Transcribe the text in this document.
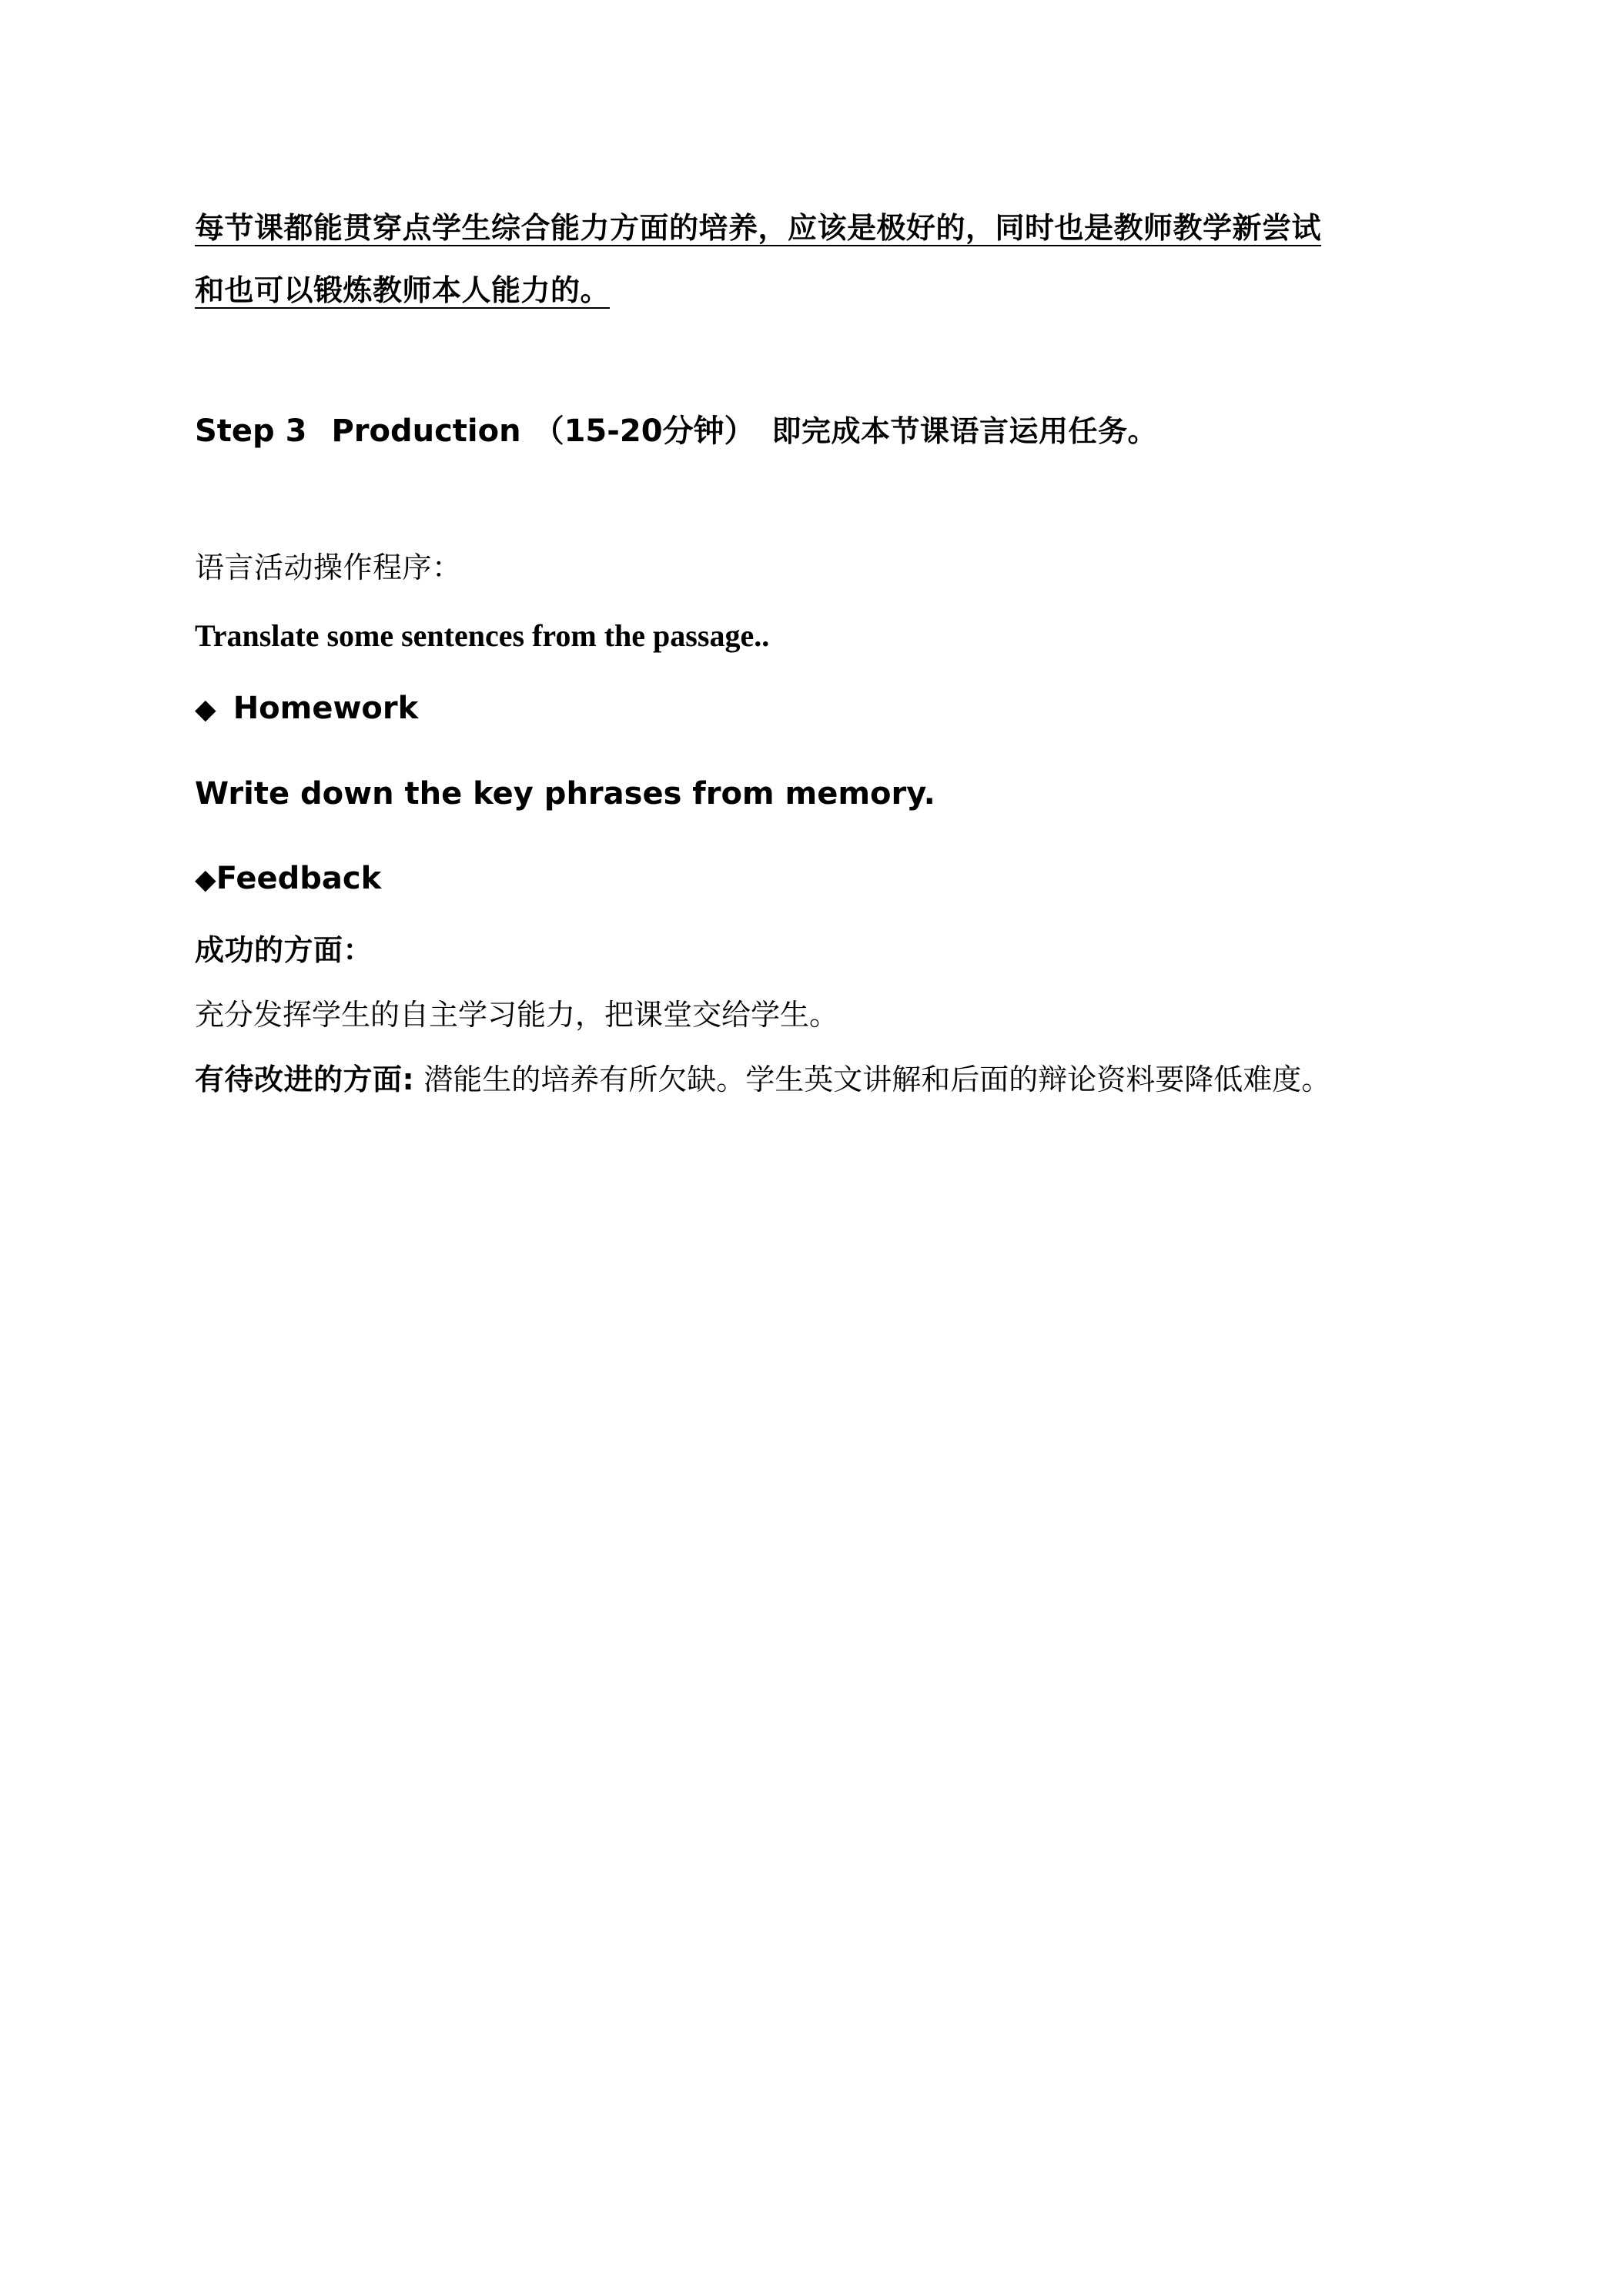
每节课都能贯穿点学生综合能力方面的培养，应该是极好的，同时也是教师教学新尝试
和也可以锻炼教师本人能力的。
Step 3 Production （15-20分钟） 即完成本节课语言运用任务。
语言活动操作程序：
Translate some sentences from the passage..
◆ Homework
Write down the key phrases from memory.
◆Feedback
成功的方面：
充分发挥学生的自主学习能力，把课堂交给学生。
有待改进的方面: 潜能生的培养有所欠缺。学生英文讲解和后面的辩论资料要降低难度。
